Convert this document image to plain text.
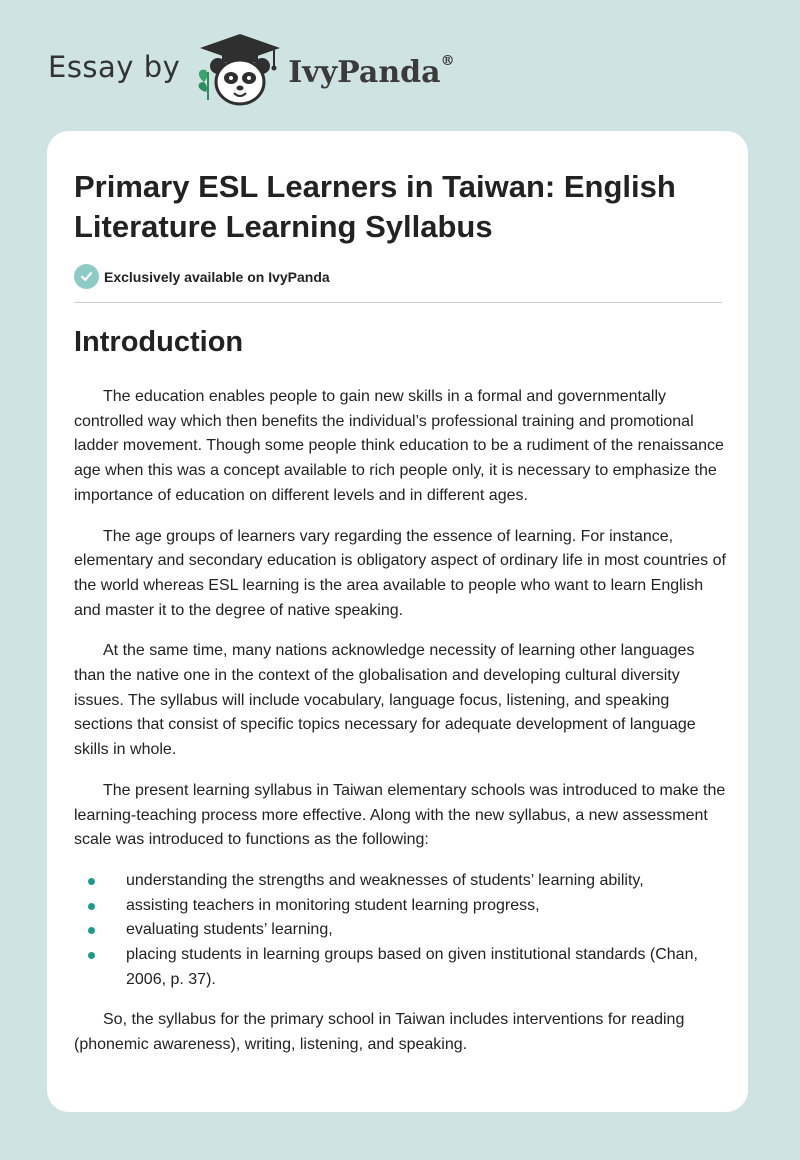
Essay by	IvyPanda®
Primary ESL Learners in Taiwan: English Literature Learning Syllabus
Exclusively available on IvyPanda
Introduction

The education enables people to gain new skills in a formal and governmentally controlled way which then benefits the individual’s professional training and promotional ladder movement. Though some people think education to be a rudiment of the renaissance age when this was a concept available to rich people only, it is necessary to emphasize the importance of education on different levels and in different ages.

The age groups of learners vary regarding the essence of learning. For instance, elementary and secondary education is obligatory aspect of ordinary life in most countries of the world whereas ESL learning is the area available to people who want to learn English and master it to the degree of native speaking.

At the same time, many nations acknowledge necessity of learning other languages than the native one in the context of the globalisation and developing cultural diversity issues. The syllabus will include vocabulary, language focus, listening, and speaking sections that consist of specific topics necessary for adequate development of language skills in whole.

The present learning syllabus in Taiwan elementary schools was introduced to make the learning-teaching process more effective. Along with the new syllabus, a new assessment scale was introduced to functions as the following:

understanding the strengths and weaknesses of students’ learning ability,
assisting teachers in monitoring student learning progress,
evaluating students’ learning,
placing students in learning groups based on given institutional standards (Chan, 2006, p. 37).

So, the syllabus for the primary school in Taiwan includes interventions for reading (phonemic awareness), writing, listening, and speaking.
